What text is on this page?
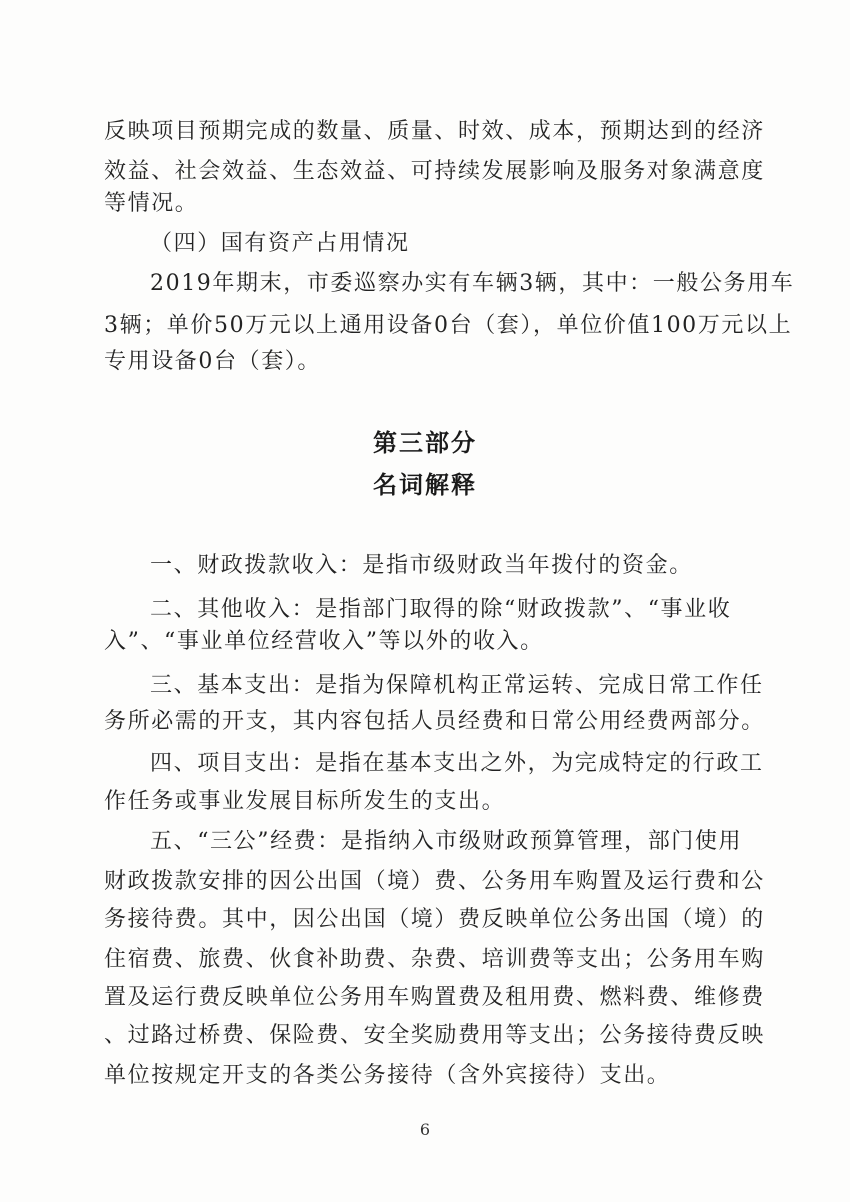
反映项目预期完成的数量、质量、时效、成本，预期达到的经济
效益、社会效益、生态效益、可持续发展影响及服务对象满意度
等情况。
（四）国有资产占用情况
2019年期末，市委巡察办实有车辆3辆，其中：一般公务用车
3辆；单价50万元以上通用设备0台（套），单位价值100万元以上
专用设备0台（套）。
第三部分
名词解释
一、财政拨款收入：是指市级财政当年拨付的资金。
二、其他收入：是指部门取得的除“财政拨款”、“事业收
入”、“事业单位经营收入”等以外的收入。
三、基本支出：是指为保障机构正常运转、完成日常工作任
务所必需的开支，其内容包括人员经费和日常公用经费两部分。
四、项目支出：是指在基本支出之外，为完成特定的行政工
作任务或事业发展目标所发生的支出。
五、“三公”经费：是指纳入市级财政预算管理，部门使用
财政拨款安排的因公出国（境）费、公务用车购置及运行费和公
务接待费。其中，因公出国（境）费反映单位公务出国（境）的
住宿费、旅费、伙食补助费、杂费、培训费等支出；公务用车购
置及运行费反映单位公务用车购置费及租用费、燃料费、维修费
、过路过桥费、保险费、安全奖励费用等支出；公务接待费反映
单位按规定开支的各类公务接待（含外宾接待）支出。
6
